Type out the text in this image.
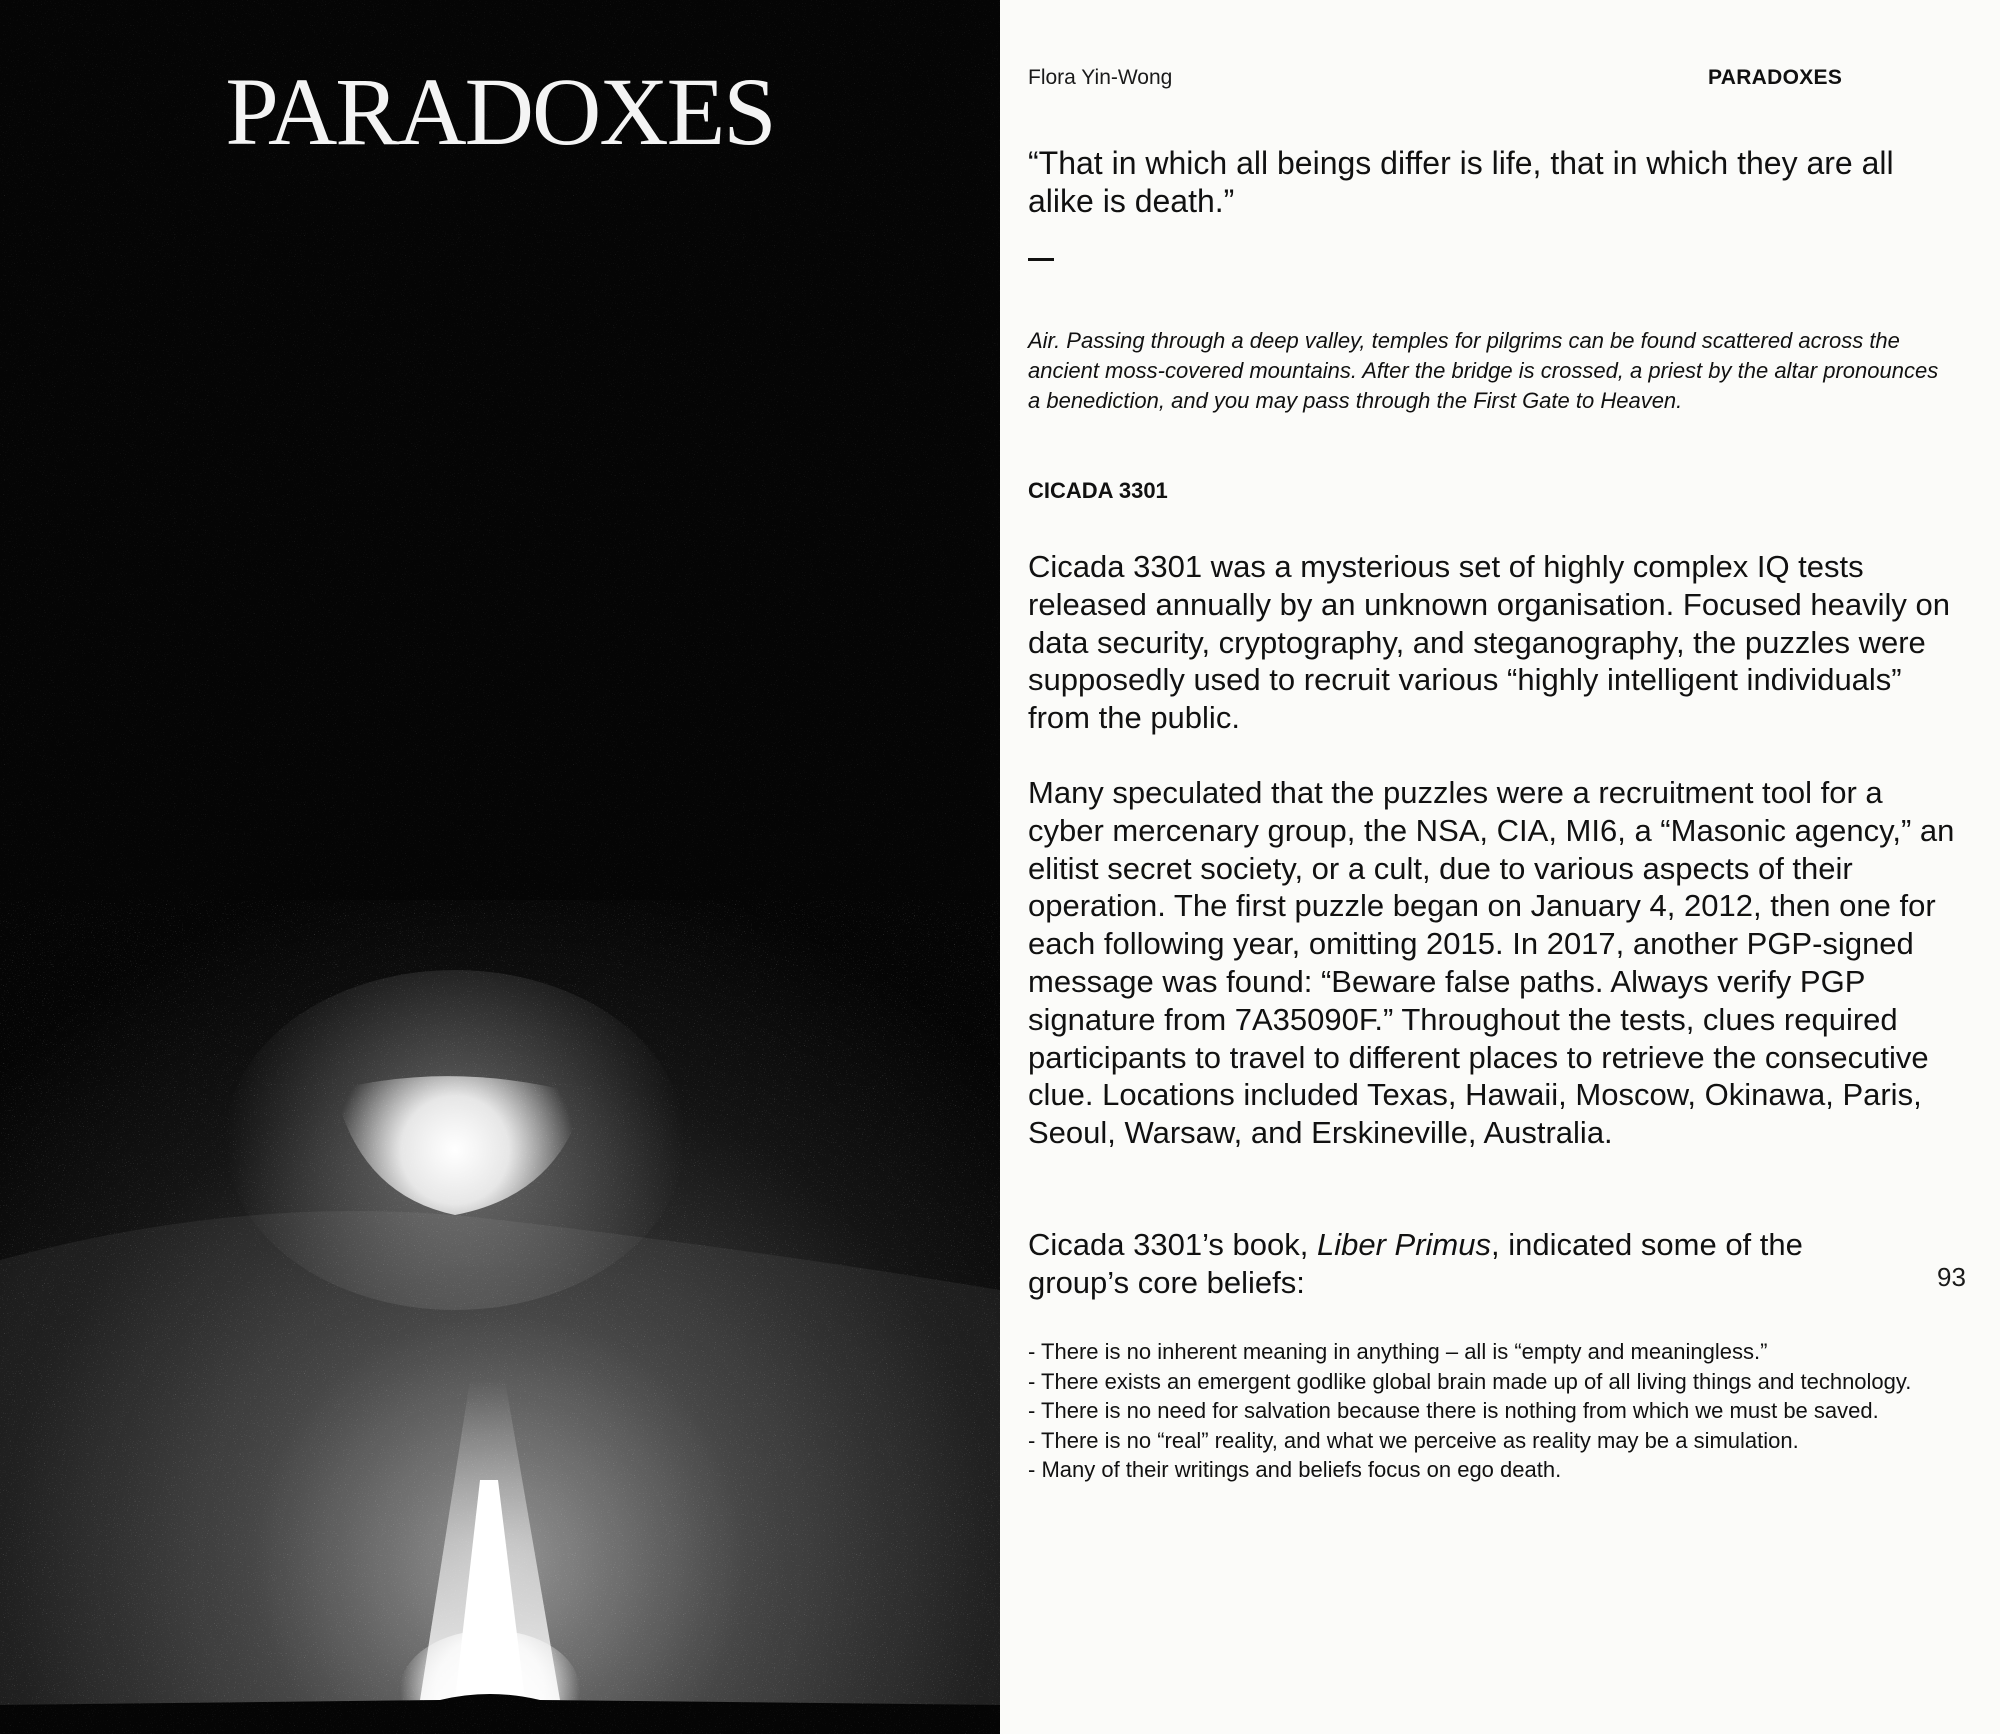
PARADOXES	Flora Yin-Wong	PARADOXES

“That in which all beings differ is life, that in which they are all alike is death.”

Air. Passing through a deep valley, temples for pilgrims can be found scattered across the ancient moss-covered mountains. After the bridge is crossed, a priest by the altar pronounces a benediction, and you may pass through the First Gate to Heaven.

CICADA 3301

Cicada 3301 was a mysterious set of highly complex IQ tests released annually by an unknown organisation. Focused heavily on data security, cryptography, and steganography, the puzzles were supposedly used to recruit various “highly intelligent individuals” from the public.

Many speculated that the puzzles were a recruitment tool for a cyber mercenary group, the NSA, CIA, MI6, a “Masonic agency,” an elitist secret society, or a cult, due to various aspects of their operation. The first puzzle began on January 4, 2012, then one for each following year, omitting 2015. In 2017, another PGP-signed message was found: “Beware false paths. Always verify PGP signature from 7A35090F.” Throughout the tests, clues required participants to travel to different places to retrieve the consecutive clue. Locations included Texas, Hawaii, Moscow, Okinawa, Paris, Seoul, Warsaw, and Erskineville, Australia.

Cicada 3301’s book, Liber Primus, indicated some of the group’s core beliefs:

- There is no inherent meaning in anything – all is “empty and meaningless.”
- There exists an emergent godlike global brain made up of all living things and technology.
- There is no need for salvation because there is nothing from which we must be saved.
- There is no “real” reality, and what we perceive as reality may be a simulation.
- Many of their writings and beliefs focus on ego death.
93
